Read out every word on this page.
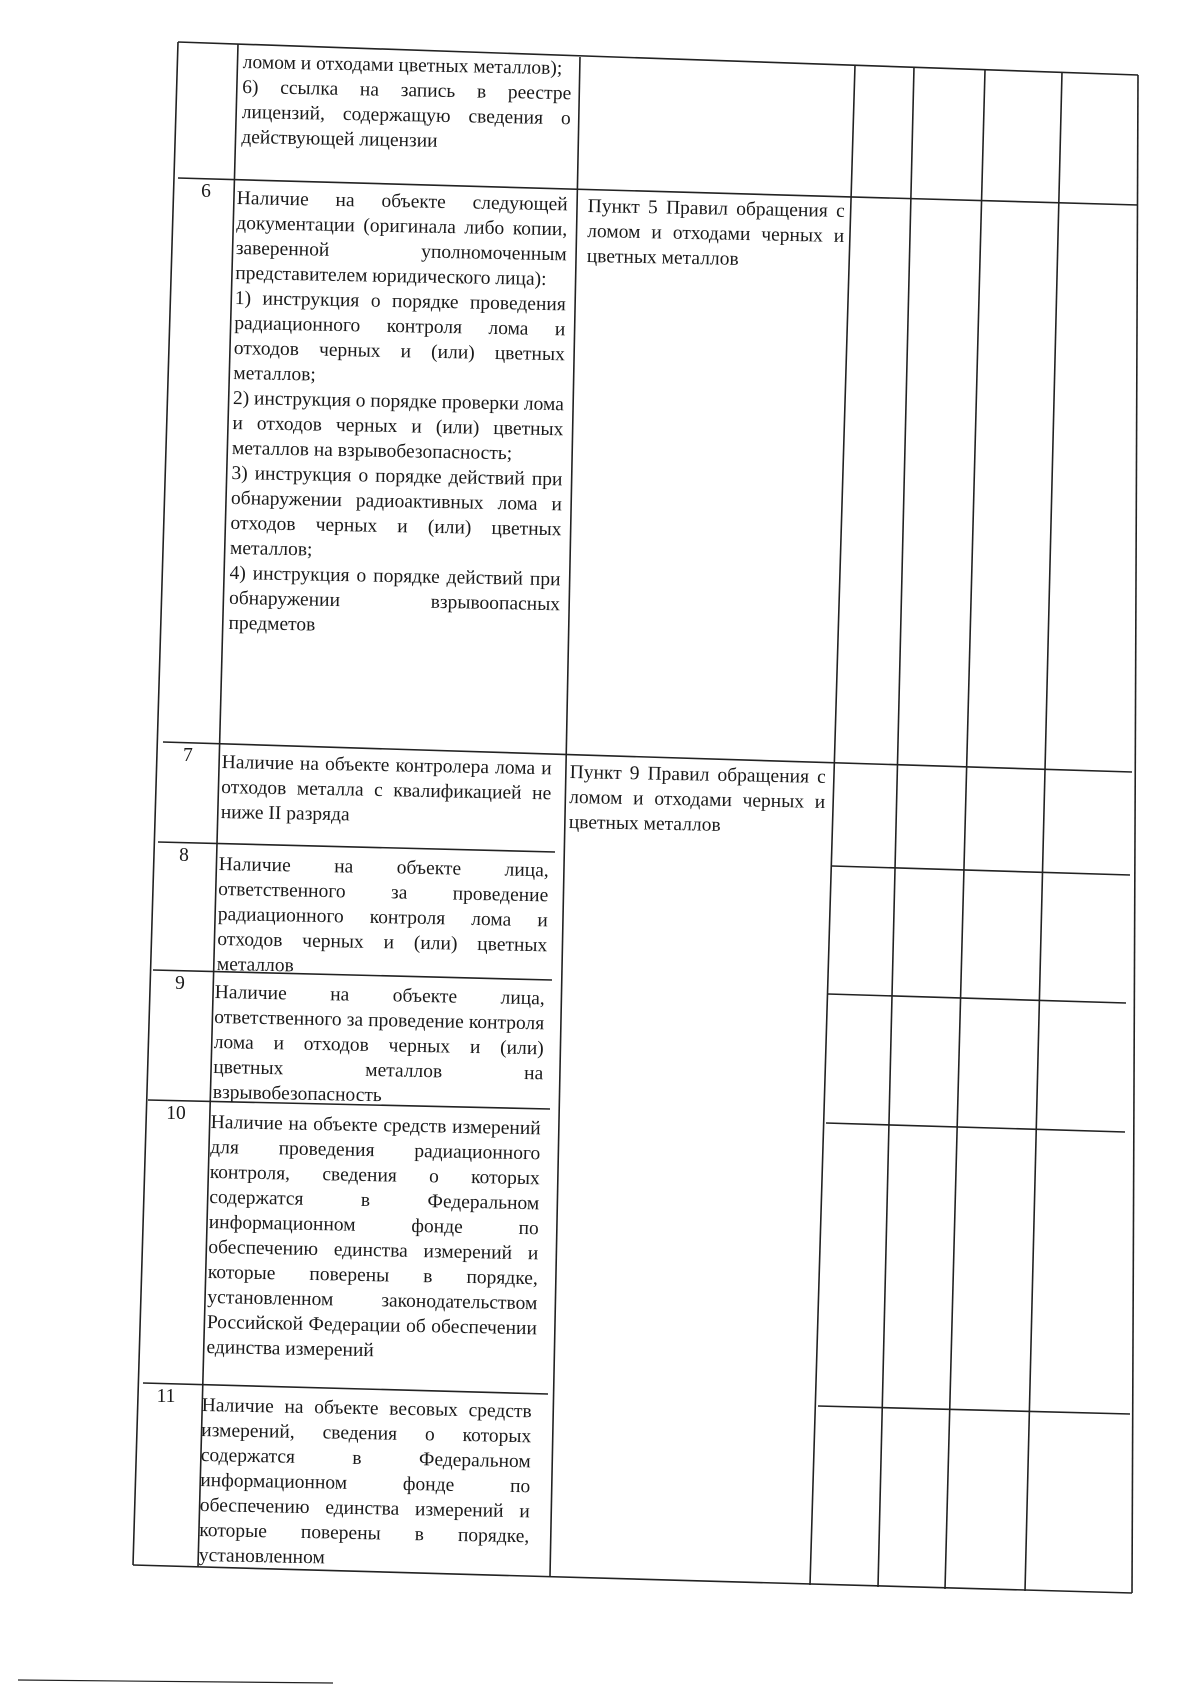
ломом и отходами цветных металлов);
6) ссылка на запись в реестре лицензий, содержащую сведения о действующей лицензии
6	Наличие на объекте следующей документации (оригинала либо копии, заверенной уполномоченным представителем юридического лица):
1) инструкция о порядке проведения радиационного контроля лома и отходов черных и (или) цветных металлов;
2) инструкция о порядке проверки лома и отходов черных и (или) цветных металлов на взрывобезопасность;
3) инструкция о порядке действий при обнаружении радиоактивных лома и отходов черных и (или) цветных металлов;
4) инструкция о порядке действий при обнаружении взрывоопасных предметов
Пункт 5 Правил обращения с ломом и отходами черных и цветных металлов
7	Наличие на объекте контролера лома и отходов металла с квалификацией не ниже II разряда
Пункт 9 Правил обращения с ломом и отходами черных и цветных металлов
8	Наличие на объекте лица, ответственного за проведение радиационного контроля лома и отходов черных и (или) цветных металлов
9	Наличие на объекте лица, ответственного за проведение контроля лома и отходов черных и (или) цветных металлов на взрывобезопасность
10	Наличие на объекте средств измерений для проведения радиационного контроля, сведения о которых содержатся в Федеральном информационном фонде по обеспечению единства измерений и которые поверены в порядке, установленном законодательством Российской Федерации об обеспечении единства измерений
11	Наличие на объекте весовых средств измерений, сведения о которых содержатся в Федеральном информационном фонде по обеспечению единства измерений и которые поверены в порядке, установленном
